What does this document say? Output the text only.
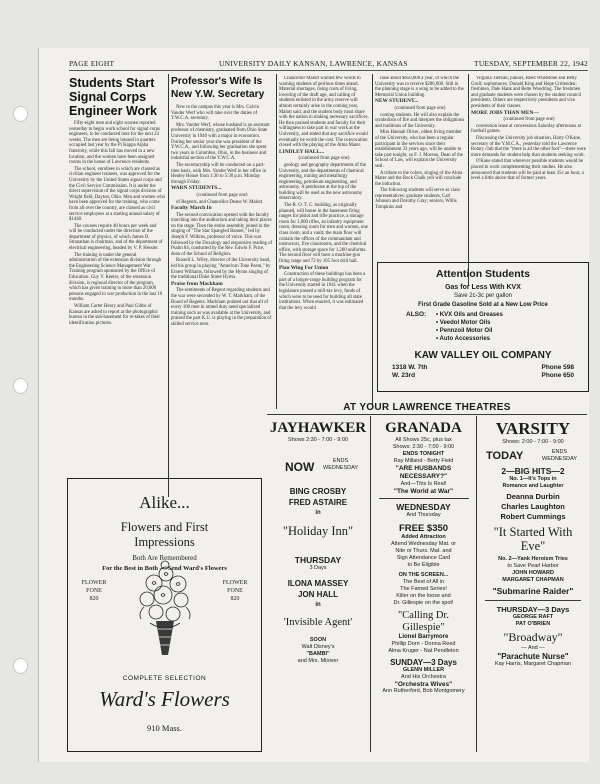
PAGE EIGHT	UNIVERSITY DAILY KANSAN, LAWRENCE, KANSAS	TUESDAY, SEPTEMBER 22, 1942
Students Start
Signal Corps
Engineer Work

Fifty-eight men and eight women reported yesterday to begin work school for signal corps engineers, to be conducted here for the next 24 weeks. The men are being housed in quarters occupied last year by the Pi Kappa Alpha fraternity, while this fall has moved to a new location, and the women have been assigned rooms in the house of Lawrence residents.

The school, enrollees in which are classed as civilian engineer trainees, was approved for the University by the United States signal corps and the Civil Service Commission. It is under the direct supervision of the signal corps division of Wright field, Dayton, Ohio. Men and women who have been approved for the training, who come from all over the country, are classed as civil service employees at a starting annual salary of $1440.

The courses require 48 hours per week and will be conducted under the direction of the department of physics, of which James D. Stranathan is chairman, and of the department of electrical engineering, headed by V. P. Hessler.

The training is under the general administration of the extension division through the Engineering Science Management War Training program sponsored by the Office of Education. Guy V. Keeler, of the extension division, is regional director of the program, which has given training to more than 20,000 persons engaged in war production in the last 18 months.

William Carter Henry and Paul Gibbs of Kansas are asked to report at the photographic bureau in the sub-basement for re-takes of their identification pictures.

Professor's Wife Is
New Y.W. Secretary

New to the campus this year is Mrs. Calvin Vander Werf who will take over the duties of Y.W.C.A. secretary.

Mrs. Vander Werf, whose husband is an assistant professor of chemistry, graduated from Ohio State University in 1940 with a major in economics. During her senior year she was president of the Y.W.C.A., and following her graduation she spent two years in Columbus, Ohio, in the business and industrial section of the Y.W.C.A.

The secretaryship will be conducted on a part-time basis, with Mrs. Vander Werf in her office in Henley House from 1:30 to 5:30 p.m. Monday through Friday.

WARN STUDENTS...

(continued from page one)

of Regents, and Chancellor Deane W. Malott.

Faculty March In

The second convocation opened with the faculty marching into the auditorium and taking their places on the stage. Then the entire assembly joined in the singing of "The Star Spangled Banner," led by Joseph F. Wilkins, professor of voice. This was followed by the Doxology and responsive reading of Psalm 84, conducted by the Rev. Edwin F. Price, dean of the School of Religion.

Russell L. Wiley, director of the University band, led his group in playing "American Tone Poem," by Ernest Williams, followed by the Hymn singing of the traditional Duke Street Hymn.

Praise from Mackham

The sentiments of Regent regarding students and the war were seconded by W. T. Markham, of the Board of Regents. Markham pointed out that all of every 100 men in armed duty need specialized training such as was available at the University, and praised the part K.U. is playing in the preparation of skilled service men.

Chancellor Malott warned few words to warning students of perilous times ahead. Material shortages, rising costs of living, lowering of the draft age, and calling of students enlisted in the army reserve will almost certainly arise in the coming year, Malott said, and the student body must share with the nation in making necessary sacrifices. He then praised students and faculty for their willingness to take part in war work at the University, and stated that any sacrifice would eventually be worth the cost. The convocation closed with the playing of the Alma Mater.

LINDLEY HALL...

(continued from page one)

geology and geography departments of the University, and the departments of chemical engineering, mining and metallurgy engineering, petroleum engineering, and astronomy. A penthouse at the top of the building will be used as the new astronomy observatory.

The R. O. T. C. building, as originally planned, will house in the basement firing ranges for pistol and rifle practice, a storage room for 1,000 rifles, an infantry equipment room, dressing room for men and women, one class room, and a vault; the main floor will contain the offices of the commandant and instructors, five classrooms, and the chemical office, with storage space for 1,200 uniforms. The second floor will have a machine-gun firing range and 72 by 105 foot drill hall.

Plan Wing For Union

Construction of these buildings has been a part of a longer-range building program for the University started in 1941 when the legislature passed a mill-tax levy, funds of which were to be used for building all state institutions. When enacted, it was estimated that the levy would

raise about $650,000 a year, of which the University was to receive $286,000. Still in the planning stage is a wing to be added to the Memorial Union building.

NEW STUDENT...

(continued from page one)

coming students. He will also explain the symbolism of fire and interpret the obligations and traditions of the University.

Miss Hannah Oliver, oldest living member of the University, who has been a regular participant in the services since their establishment 33 years ago, will be unable to take part tonight, so F. J. Moreau, Dean of the School of Law, will explain the University seal.

A tribute to the colors, singing of the Alma Mater and the Rock Chalk yell will conclude the induction.

The following students will serve as class representatives: graduate students, Carl Johnson and Dorothy Gray; seniors, Willis Tompkins and

Virginia Tiernan; juniors, Reed Whetstone and Betty Groll; sophomores, Donald King and Hope Crittenden; freshmen, Dale Hank and Bette Woodring. The freshmen and graduate students were chosen by the student council presidents. Others are respectively presidents and vice presidents of their classes.

MORE JOBS THAN MEN—

(continued from page one)

concession lease at concessions Saturday afternoons at football games.

Discussing the University job situation, Harry O'Kane, secretary of the Y.M.C.A., yesterday told the Lawrence Rotary club that the "there is all the other foot"—there were more demands for student help than students seeking work.

O'Kane stated that wherever possible students would be placed in work complementing their studies. He also announced that students will be paid at least 35c an hour, a level a little above that of former years.

Attention Students
Gas for Less With KVX
Save 2c-3c per gallon
First Grade Gasoline Sold at a New Low Price
ALSO: • KVX Oils and Greases
• Veedol Motor Oils
• Pennzoil Motor Oil
• Auto Accessories
KAW VALLEY OIL COMPANY
1318 W. 7th
W. 23rd
Phone 598
Phone 650
Alike...
Flowers and First
Impressions
Both Are Remembered
For the Best in Both — Send Ward's Flowers
FLOWER
FONE
820
FLOWER
FONE
820
COMPLETE SELECTION
Ward's Flowers
910 Mass.
AT YOUR LAWRENCE THEATRES
JAYHAWKER
Shows 2:30 - 7:00 - 9:00
NOW	ENDS
WEDNESDAY
BING CROSBY
FRED ASTAIRE
in
"Holiday Inn"
THURSDAY
3 Days
ILONA MASSEY
JON HALL
in
'Invisible Agent'
SOON
Walt Disney's
"BAMBI"
and Mrs. Miniver
GRANADA
All Shows 25c, plus tax
Shows: 2:30 - 7:00 - 9:00
ENDS TONIGHT
Ray Milland - Betty Field
"ARE HUSBANDS NECESSARY?"
And—This Is Real!
"The World at War"
WEDNESDAY
And Thursday
FREE $350
Added Attraction
Attend Wednesday Mat. or
Nite or Thurs. Mat. and
Sign Attendance Card
to Be Eligible
ON THE SCREEN...
The Best of All in
The Famed Series!
Killer on the loose and
Dr. Gillespie on the spot!
"Calling Dr. Gillespie"
Lionel Barrymore
Phillip Dorn - Donna Reed
Alma Kruger - Nat Pendleton
SUNDAY—3 Days
GLENN MILLER
And His Orchestra
"Orchestra Wives"
Ann Rutherford, Bob Montgomery
VARSITY
Shows: 2:00 - 7:00 - 9:00
TODAY	ENDS
WEDNESDAY
2—BIG HITS—2
No. 1—It's Tops in
Romance and Laughter
Deanna Durbin
Charles Laughton
Robert Cummings
"It Started With Eve"
No. 2—Yank Heroism Tries
to Save Pearl Harbor
JOHN HOWARD
MARGARET CHAPMAN
"Submarine Raider"
THURSDAY—3 Days
GEORGE RAFT
PAT O'BRIEN
"Broadway"
— And —
"Parachute Nurse"
Kay Harris, Margaret Chapman
